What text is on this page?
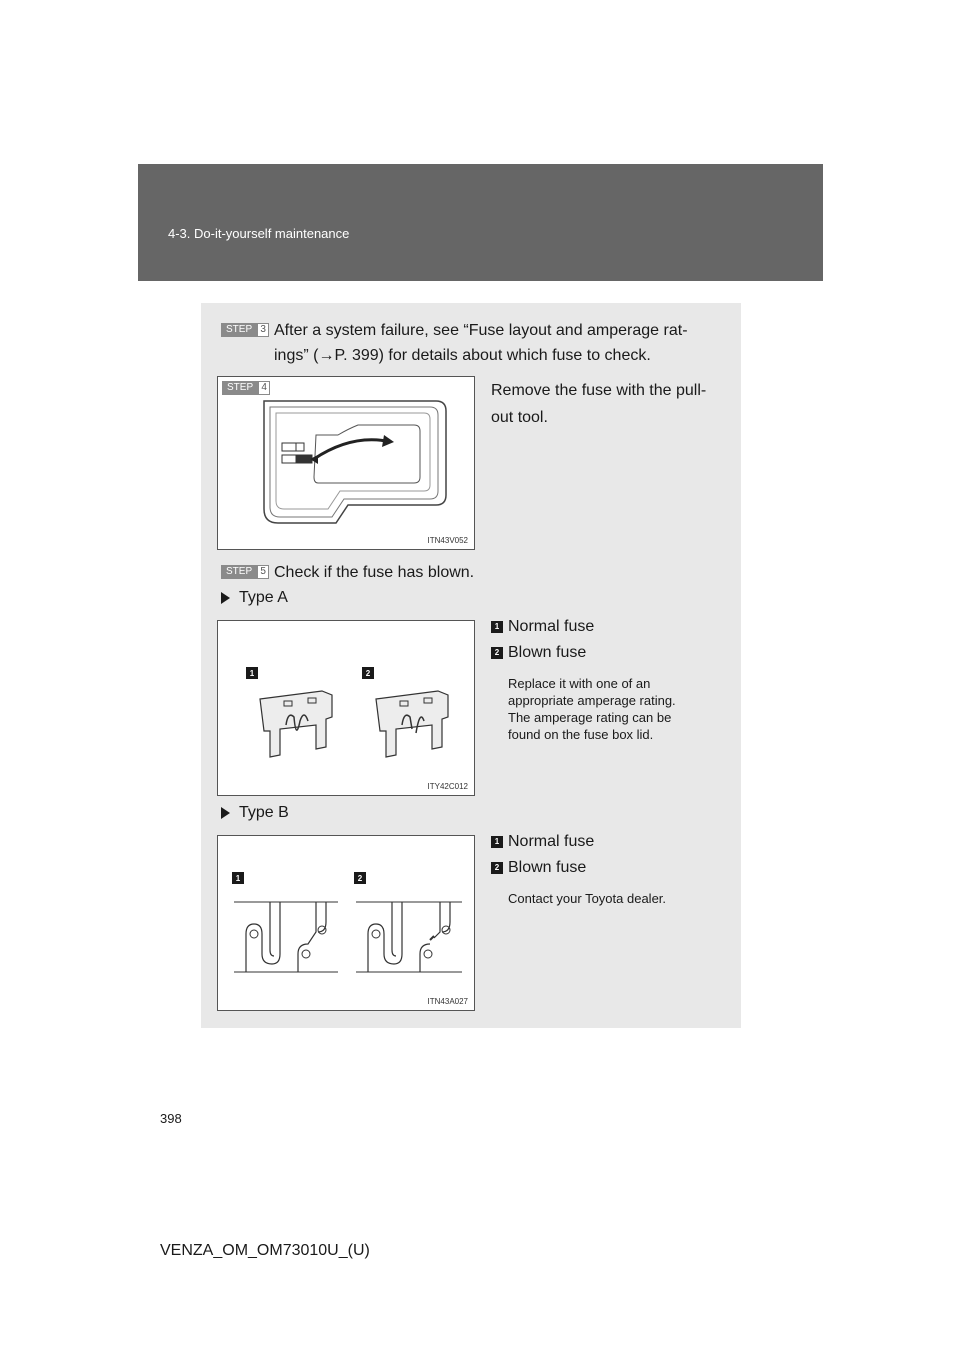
4-3. Do-it-yourself maintenance
STEP 3 After a system failure, see “Fuse layout and amperage rat-
ings” (→P. 399) for details about which fuse to check.
STEP 4
ITN43V052
Remove the fuse with the pull-
out tool.
STEP 5 Check if the fuse has blown.
Type A
1	2
ITY42C012
1 Normal fuse
2 Blown fuse
Replace it with one of an
appropriate amperage rating.
The amperage rating can be
found on the fuse box lid.
Type B
1	2
ITN43A027
1 Normal fuse
2 Blown fuse
Contact your Toyota dealer.
398
VENZA_OM_OM73010U_(U)
